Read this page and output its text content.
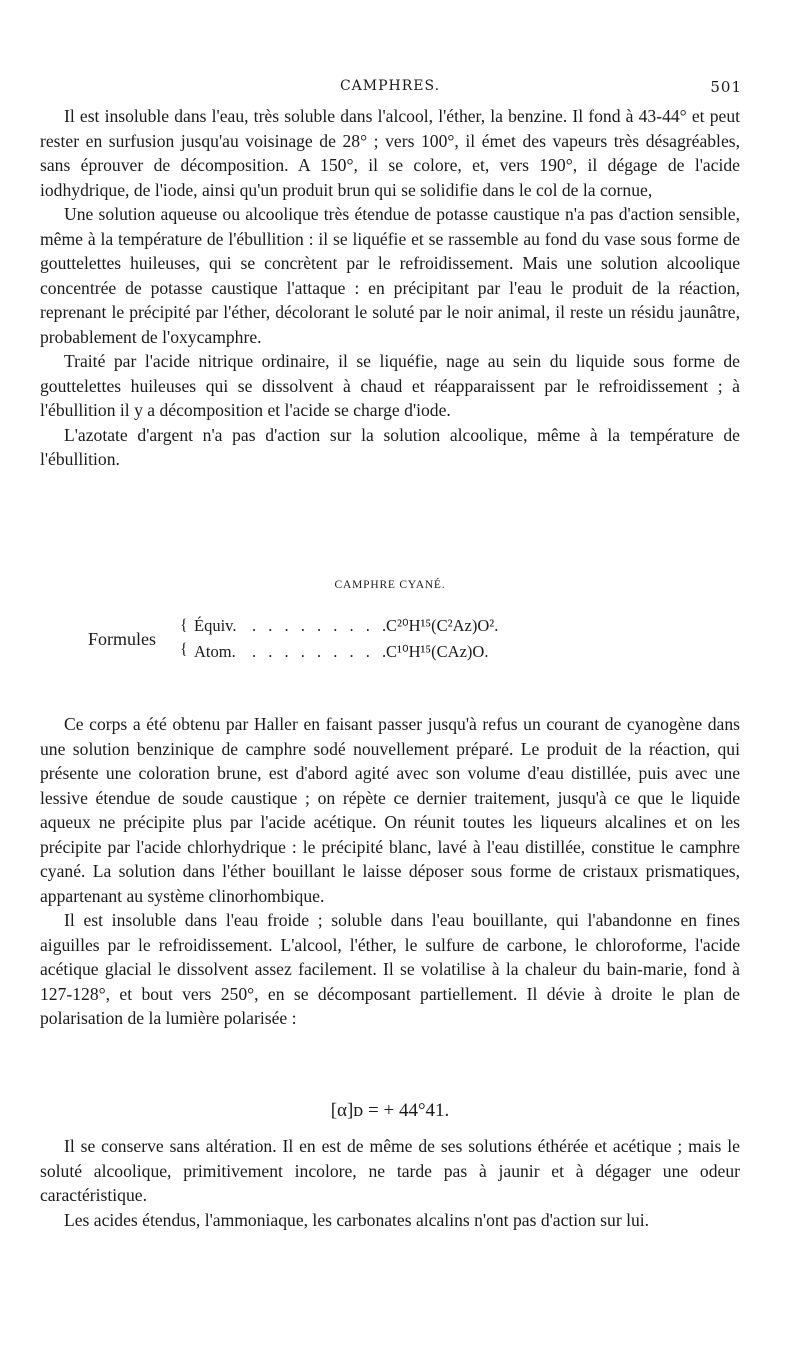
CAMPHRES.	501

Il est insoluble dans l'eau, très soluble dans l'alcool, l'éther, la benzine. Il fond à 43-44° et peut rester en surfusion jusqu'au voisinage de 28° ; vers 100°, il émet des vapeurs très désagréables, sans éprouver de décomposition. A 150°, il se colore, et, vers 190°, il dégage de l'acide iodhydrique, de l'iode, ainsi qu'un produit brun qui se solidifie dans le col de la cornue,

Une solution aqueuse ou alcoolique très étendue de potasse caustique n'a pas d'action sensible, même à la température de l'ébullition : il se liquéfie et se rassemble au fond du vase sous forme de gouttelettes huileuses, qui se concrètent par le refroidissement. Mais une solution alcoolique concentrée de potasse caustique l'attaque : en précipitant par l'eau le produit de la réaction, reprenant le précipité par l'éther, décolorant le soluté par le noir animal, il reste un résidu jaunâtre, probablement de l'oxycamphre.

Traité par l'acide nitrique ordinaire, il se liquéfie, nage au sein du liquide sous forme de gouttelettes huileuses qui se dissolvent à chaud et réapparaissent par le refroidissement ; à l'ébullition il y a décomposition et l'acide se charge d'iode.

L'azotate d'argent n'a pas d'action sur la solution alcoolique, même à la température de l'ébullition.

CAMPHRE CYANÉ.
Formules
{
{
Équiv. . . . . . . . . .
C²⁰H¹⁵(C²Az)O².
Atom. . . . . . . . . .
C¹⁰H¹⁵(CAz)O.

Ce corps a été obtenu par Haller en faisant passer jusqu'à refus un courant de cyanogène dans une solution benzinique de camphre sodé nouvellement préparé. Le produit de la réaction, qui présente une coloration brune, est d'abord agité avec son volume d'eau distillée, puis avec une lessive étendue de soude caustique ; on répète ce dernier traitement, jusqu'à ce que le liquide aqueux ne précipite plus par l'acide acétique. On réunit toutes les liqueurs alcalines et on les précipite par l'acide chlorhydrique : le précipité blanc, lavé à l'eau distillée, constitue le camphre cyané. La solution dans l'éther bouillant le laisse déposer sous forme de cristaux prismatiques, appartenant au système clinorhombique.

Il est insoluble dans l'eau froide ; soluble dans l'eau bouillante, qui l'abandonne en fines aiguilles par le refroidissement. L'alcool, l'éther, le sulfure de carbone, le chloroforme, l'acide acétique glacial le dissolvent assez facilement. Il se volatilise à la chaleur du bain-marie, fond à 127-128°, et bout vers 250°, en se décomposant partiellement. Il dévie à droite le plan de polarisation de la lumière polarisée :

[α]ᴅ = + 44°41.

Il se conserve sans altération. Il en est de même de ses solutions éthérée et acétique ; mais le soluté alcoolique, primitivement incolore, ne tarde pas à jaunir et à dégager une odeur caractéristique.

Les acides étendus, l'ammoniaque, les carbonates alcalins n'ont pas d'action sur lui.
